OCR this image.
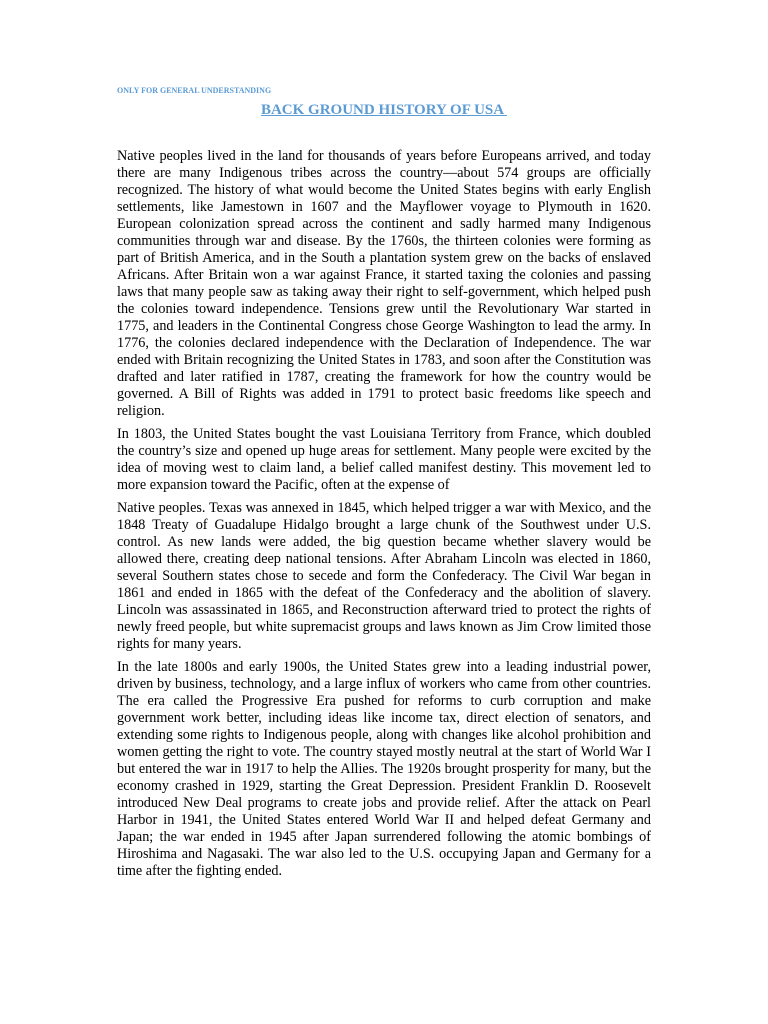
ONLY FOR GENERAL UNDERSTANDING
BACK GROUND HISTORY OF USA

Native peoples lived in the land for thousands of years before Europeans arrived, and today there are many Indigenous tribes across the country—about 574 groups are officially recognized. The history of what would become the United States begins with early English settlements, like Jamestown in 1607 and the Mayflower voyage to Plymouth in 1620. European colonization spread across the continent and sadly harmed many Indigenous communities through war and disease. By the 1760s, the thirteen colonies were forming as part of British America, and in the South a plantation system grew on the backs of enslaved Africans. After Britain won a war against France, it started taxing the colonies and passing laws that many people saw as taking away their right to self-government, which helped push the colonies toward independence. Tensions grew until the Revolutionary War started in 1775, and leaders in the Continental Congress chose George Washington to lead the army. In 1776, the colonies declared independence with the Declaration of Independence. The war ended with Britain recognizing the United States in 1783, and soon after the Constitution was drafted and later ratified in 1787, creating the framework for how the country would be governed. A Bill of Rights was added in 1791 to protect basic freedoms like speech and religion.

In 1803, the United States bought the vast Louisiana Territory from France, which doubled the country’s size and opened up huge areas for settlement. Many people were excited by the idea of moving west to claim land, a belief called manifest destiny. This movement led to more expansion toward the Pacific, often at the expense of

Native peoples. Texas was annexed in 1845, which helped trigger a war with Mexico, and the 1848 Treaty of Guadalupe Hidalgo brought a large chunk of the Southwest under U.S. control. As new lands were added, the big question became whether slavery would be allowed there, creating deep national tensions. After Abraham Lincoln was elected in 1860, several Southern states chose to secede and form the Confederacy. The Civil War began in 1861 and ended in 1865 with the defeat of the Confederacy and the abolition of slavery. Lincoln was assassinated in 1865, and Reconstruction afterward tried to protect the rights of newly freed people, but white supremacist groups and laws known as Jim Crow limited those rights for many years.

In the late 1800s and early 1900s, the United States grew into a leading industrial power, driven by business, technology, and a large influx of workers who came from other countries. The era called the Progressive Era pushed for reforms to curb corruption and make government work better, including ideas like income tax, direct election of senators, and extending some rights to Indigenous people, along with changes like alcohol prohibition and women getting the right to vote. The country stayed mostly neutral at the start of World War I but entered the war in 1917 to help the Allies. The 1920s brought prosperity for many, but the economy crashed in 1929, starting the Great Depression. President Franklin D. Roosevelt introduced New Deal programs to create jobs and provide relief. After the attack on Pearl Harbor in 1941, the United States entered World War II and helped defeat Germany and Japan; the war ended in 1945 after Japan surrendered following the atomic bombings of Hiroshima and Nagasaki. The war also led to the U.S. occupying Japan and Germany for a time after the fighting ended.
